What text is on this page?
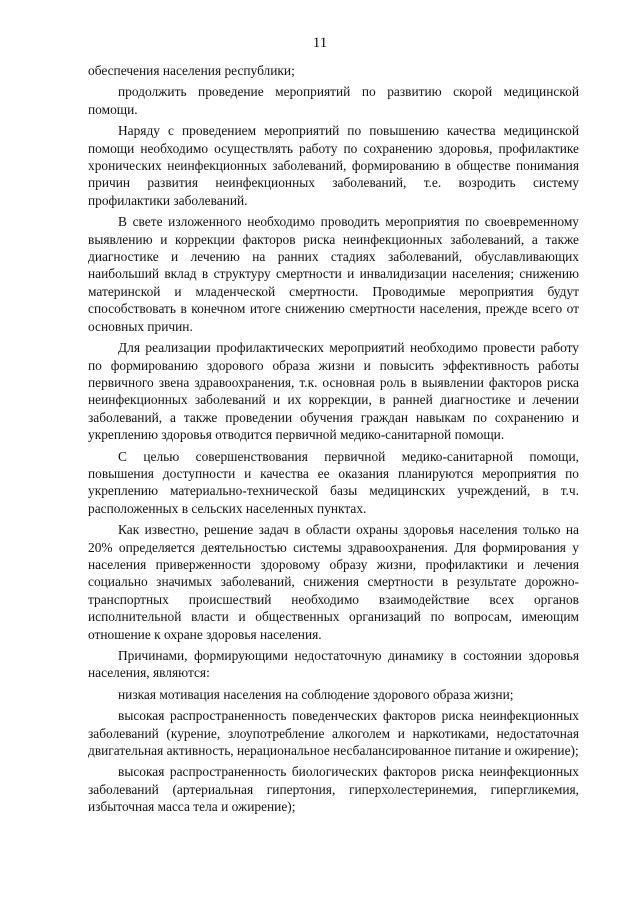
11

обеспечения населения республики;

продолжить проведение мероприятий по развитию скорой медицинской помощи.

Наряду с проведением мероприятий по повышению качества медицинской помощи необходимо осуществлять работу по сохранению здоровья, профилактике хронических неинфекционных заболеваний, формированию в обществе понимания причин развития неинфекционных заболеваний, т.е. возродить систему профилактики заболеваний.

В свете изложенного необходимо проводить мероприятия по своевременному выявлению и коррекции факторов риска неинфекционных заболеваний, а также диагностике и лечению на ранних стадиях заболеваний, обуславливающих наибольший вклад в структуру смертности и инвалидизации населения; снижению материнской и младенческой смертности. Проводимые мероприятия будут способствовать в конечном итоге снижению смертности населения, прежде всего от основных причин.

Для реализации профилактических мероприятий необходимо провести работу по формированию здорового образа жизни и повысить эффективность работы первичного звена здравоохранения, т.к. основная роль в выявлении факторов риска неинфекционных заболеваний и их коррекции, в ранней диагностике и лечении заболеваний, а также проведении обучения граждан навыкам по сохранению и укреплению здоровья отводится первичной медико-санитарной помощи.

С целью совершенствования первичной медико-санитарной помощи, повышения доступности и качества ее оказания планируются мероприятия по укреплению материально-технической базы медицинских учреждений, в т.ч. расположенных в сельских населенных пунктах.

Как известно, решение задач в области охраны здоровья населения только на 20% определяется деятельностью системы здравоохранения. Для формирования у населения приверженности здоровому образу жизни, профилактики и лечения социально значимых заболеваний, снижения смертности в результате дорожно-транспортных происшествий необходимо взаимодействие всех органов исполнительной власти и общественных организаций по вопросам, имеющим отношение к охране здоровья населения.

Причинами, формирующими недостаточную динамику в состоянии здоровья населения, являются:

низкая мотивация населения на соблюдение здорового образа жизни;

высокая распространенность поведенческих факторов риска неинфекционных заболеваний (курение, злоупотребление алкоголем и наркотиками, недостаточная двигательная активность, нерациональное несбалансированное питание и ожирение);

высокая распространенность биологических факторов риска неинфекционных заболеваний (артериальная гипертония, гиперхолестеринемия, гипергликемия, избыточная масса тела и ожирение);
